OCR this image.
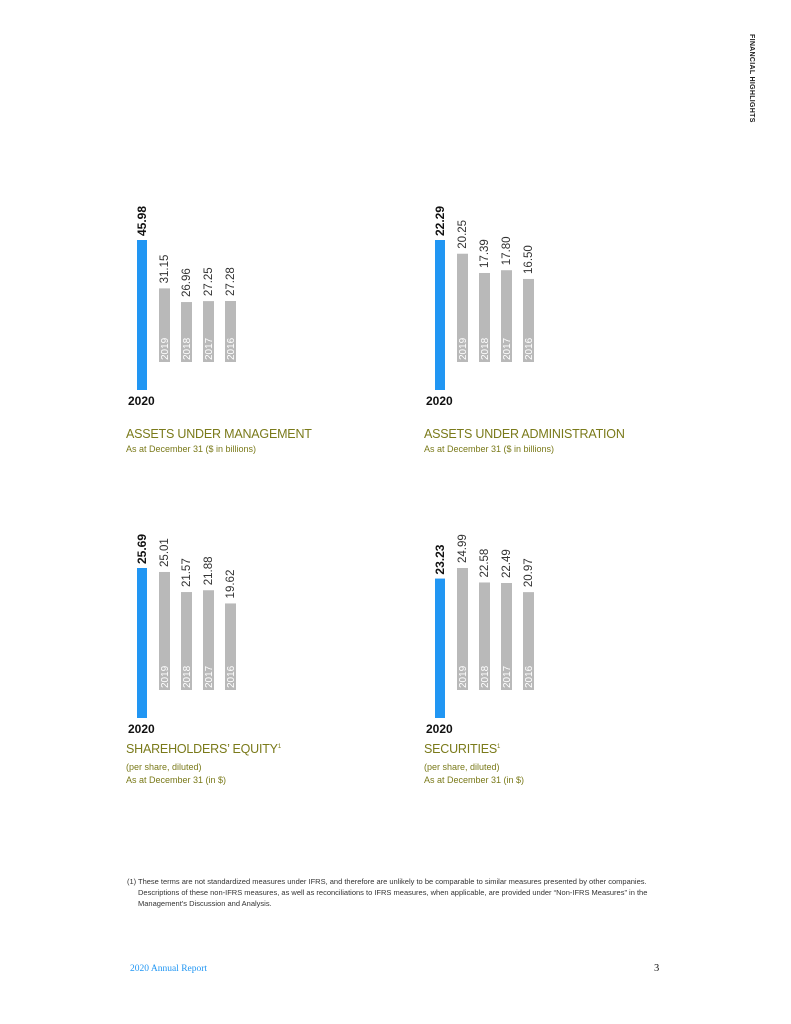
FINANCIAL HIGHLIGHTS
45.98
2019
31.15
2018
26.96
2017
27.25
2016
27.28
2020
ASSETS UNDER MANAGEMENT
As at December 31 ($ in billions)
22.29
2019
20.25
2018
17.39
2017
17.80
2016
16.50
2020
ASSETS UNDER ADMINISTRATION
As at December 31 ($ in billions)
25.69
2019
25.01
2018
21.57
2017
21.88
2016
19.62
2020
SHAREHOLDERS’ EQUITY$^1$
(per share, diluted)
As at December 31 (in $)
23.23
2019
24.99
2018
22.58
2017
22.49
2016
20.97
2020
SECURITIES$^1$
(per share, diluted)
As at December 31 (in $)
(1) These terms are not standardized measures under IFRS, and therefore are unlikely to be comparable to similar measures presented by other companies. Descriptions of these non-IFRS measures, as well as reconciliations to IFRS measures, when applicable, are provided under “Non-IFRS Measures” in the Management’s Discussion and Analysis.
2020 Annual Report	3
